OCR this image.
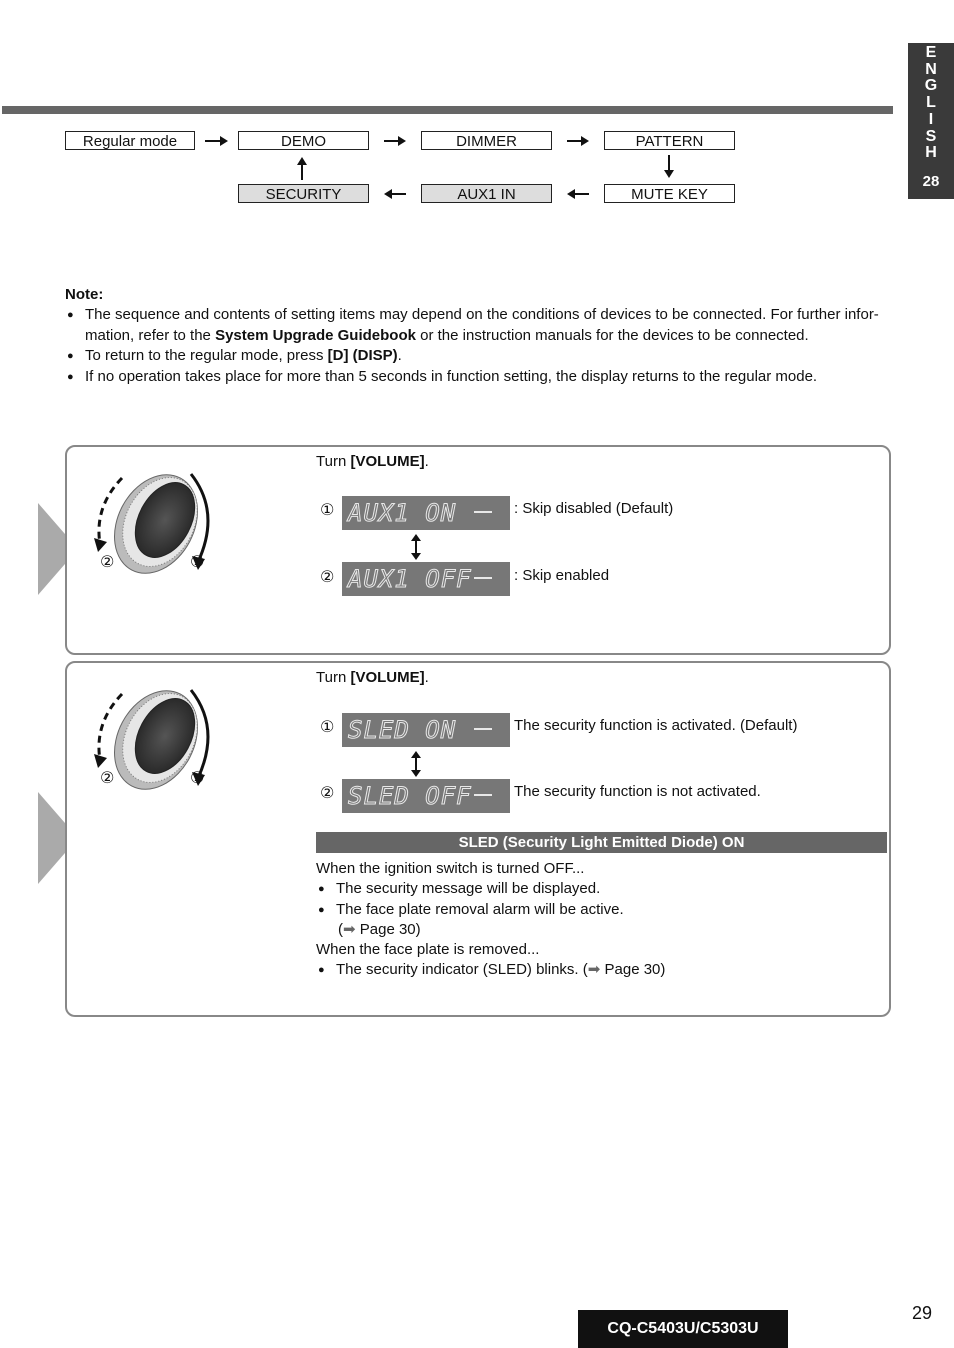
E
N
G
L
I
S
H
28
Regular mode	DEMO	DIMMER	PATTERN
SECURITY	AUX1 IN	MUTE KEY
Note:
● The sequence and contents of setting items may depend on the conditions of devices to be connected. For further infor-
mation, refer to the System Upgrade Guidebook or the instruction manuals for the devices to be connected.
● To return to the regular mode, press [D] (DISP).
● If no operation takes place for more than 5 seconds in function setting, the display returns to the regular mode.
②	①
Turn [VOLUME].
① AUX1 ON	: Skip disabled (Default)
② AUX1 OFF	: Skip enabled
②	①
Turn [VOLUME].
① SLED ON	The security function is activated. (Default)
② SLED OFF	The security function is not activated.
SLED (Security Light Emitted Diode) ON
When the ignition switch is turned OFF...
● The security message will be displayed.
● The face plate removal alarm will be active.
(➡ Page 30)
When the face plate is removed...
● The security indicator (SLED) blinks. (➡ Page 30)
CQ-C5403U/C5303U
29
